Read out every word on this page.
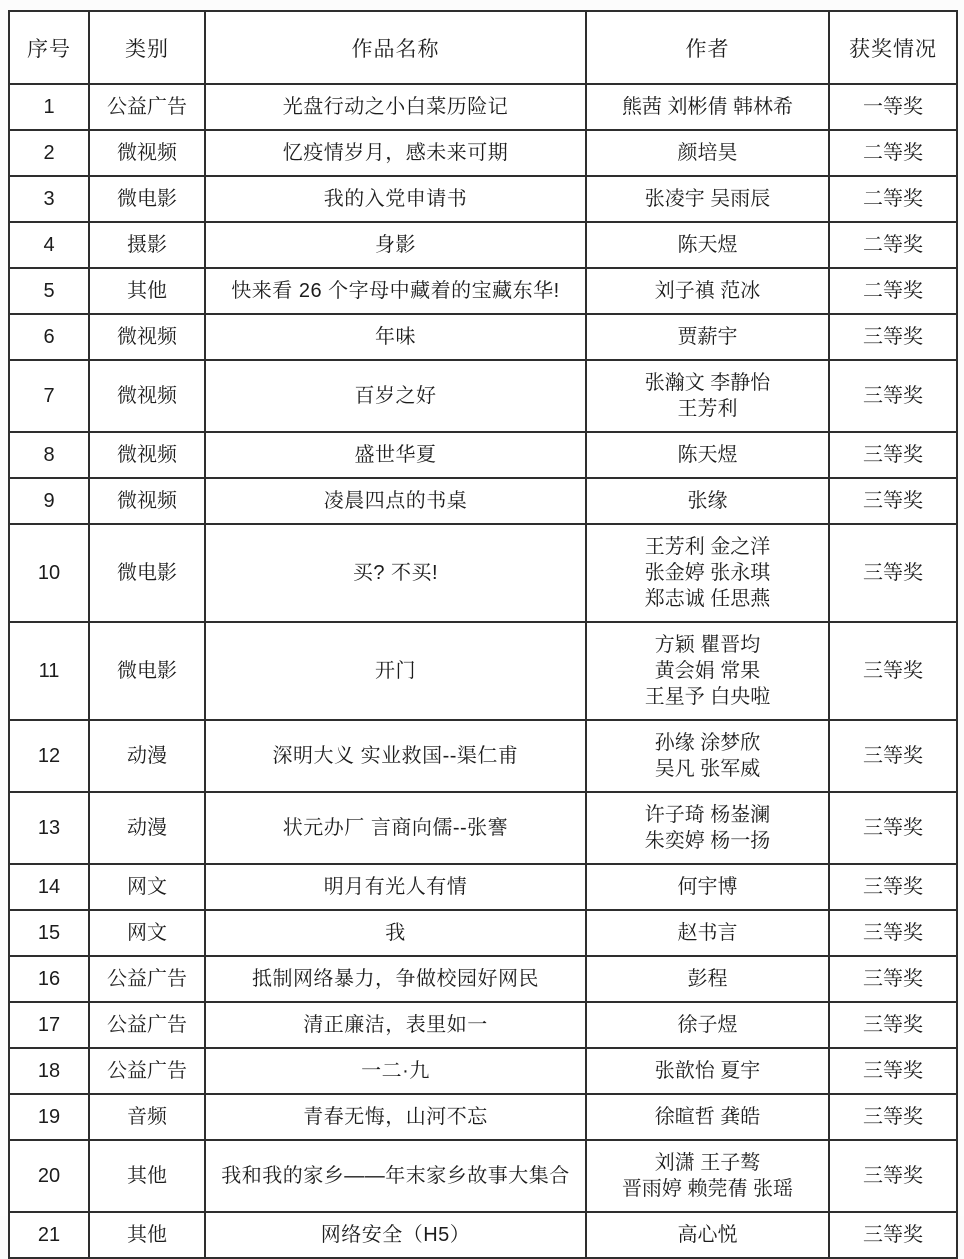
序号	类别	作品名称	作者	获奖情况
1	公益广告	光盘行动之小白菜历险记	熊茜 刘彬倩 韩林希	一等奖
2	微视频	忆疫情岁月，感未来可期	颜培昊	二等奖
3	微电影	我的入党申请书	张凌宇 吴雨辰	二等奖
4	摄影	身影	陈天煜	二等奖
5	其他	快来看 26 个字母中藏着的宝藏东华!	刘子禛 范冰	二等奖
6	微视频	年味	贾薪宇	三等奖
7	微视频	百岁之好	张瀚文 李静怡
王芳利	三等奖
8	微视频	盛世华夏	陈天煜	三等奖
9	微视频	凌晨四点的书桌	张缘	三等奖
10	微电影	买? 不买!	王芳利 金之洋
张金婷 张永琪
郑志诚 任思燕	三等奖
11	微电影	开门	方颖 瞿晋均
黄会娟 常果
王星予 白央啦	三等奖
12	动漫	深明大义 实业救国--渠仁甫	孙缘 涂梦欣
吴凡 张军威	三等奖
13	动漫	状元办厂 言商向儒--张謇	许子琦 杨崟澜
朱奕婷 杨一扬	三等奖
14	网文	明月有光人有情	何宇博	三等奖
15	网文	我	赵书言	三等奖
16	公益广告	抵制网络暴力，争做校园好网民	彭程	三等奖
17	公益广告	清正廉洁，表里如一	徐子煜	三等奖
18	公益广告	一二·九	张歆怡 夏宇	三等奖
19	音频	青春无悔，山河不忘	徐暄哲 龚皓	三等奖
20	其他	我和我的家乡——年末家乡故事大集合	刘潇 王子骜
晋雨婷 赖莞蒨 张瑶	三等奖
21	其他	网络安全（H5）	高心悦	三等奖
